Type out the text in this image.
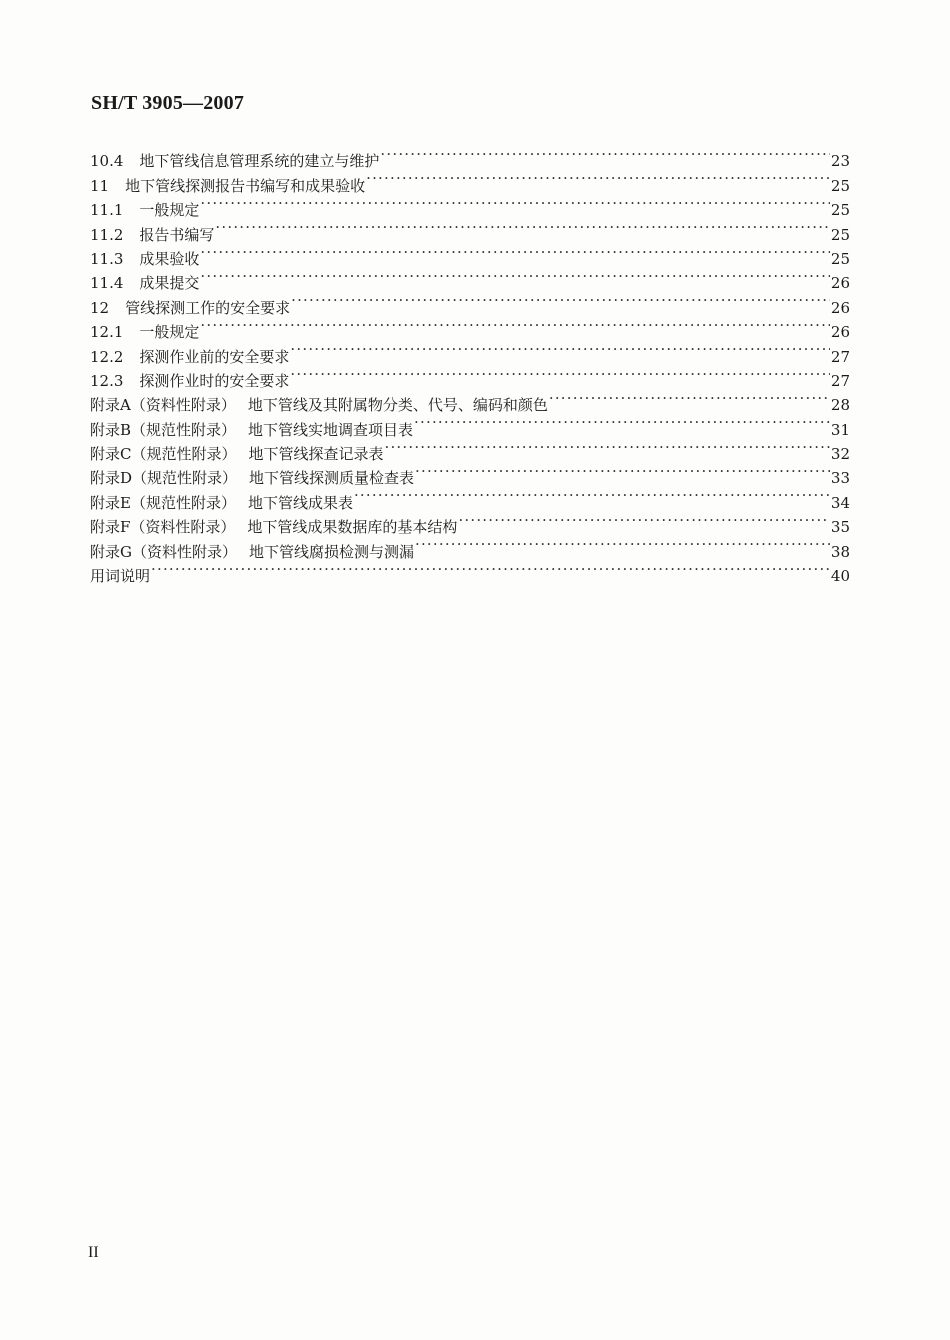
SH/T 3905—2007
10.4	地下管线信息管理系统的建立与维护 ·····	23
11	地下管线探测报告书编写和成果验收 ·····	25
11.1	一般规定 ·····	25
11.2	报告书编写 ·····	25
11.3	成果验收 ·····	25
11.4	成果提交 ·····	26
12	管线探测工作的安全要求 ·····	26
12.1	一般规定 ·····	26
12.2	探测作业前的安全要求 ·····	27
12.3	探测作业时的安全要求 ·····	27
附录A（资料性附录） 地下管线及其附属物分类、代号、编码和颜色 ·····	28
附录B（规范性附录） 地下管线实地调查项目表 ·····	31
附录C（规范性附录） 地下管线探查记录表 ·····	32
附录D（规范性附录） 地下管线探测质量检查表 ·····	33
附录E（规范性附录） 地下管线成果表 ·····	34
附录F（资料性附录） 地下管线成果数据库的基本结构 ·····	35
附录G（资料性附录） 地下管线腐损检测与测漏 ·····	38
用词说明 ·····	40
II
